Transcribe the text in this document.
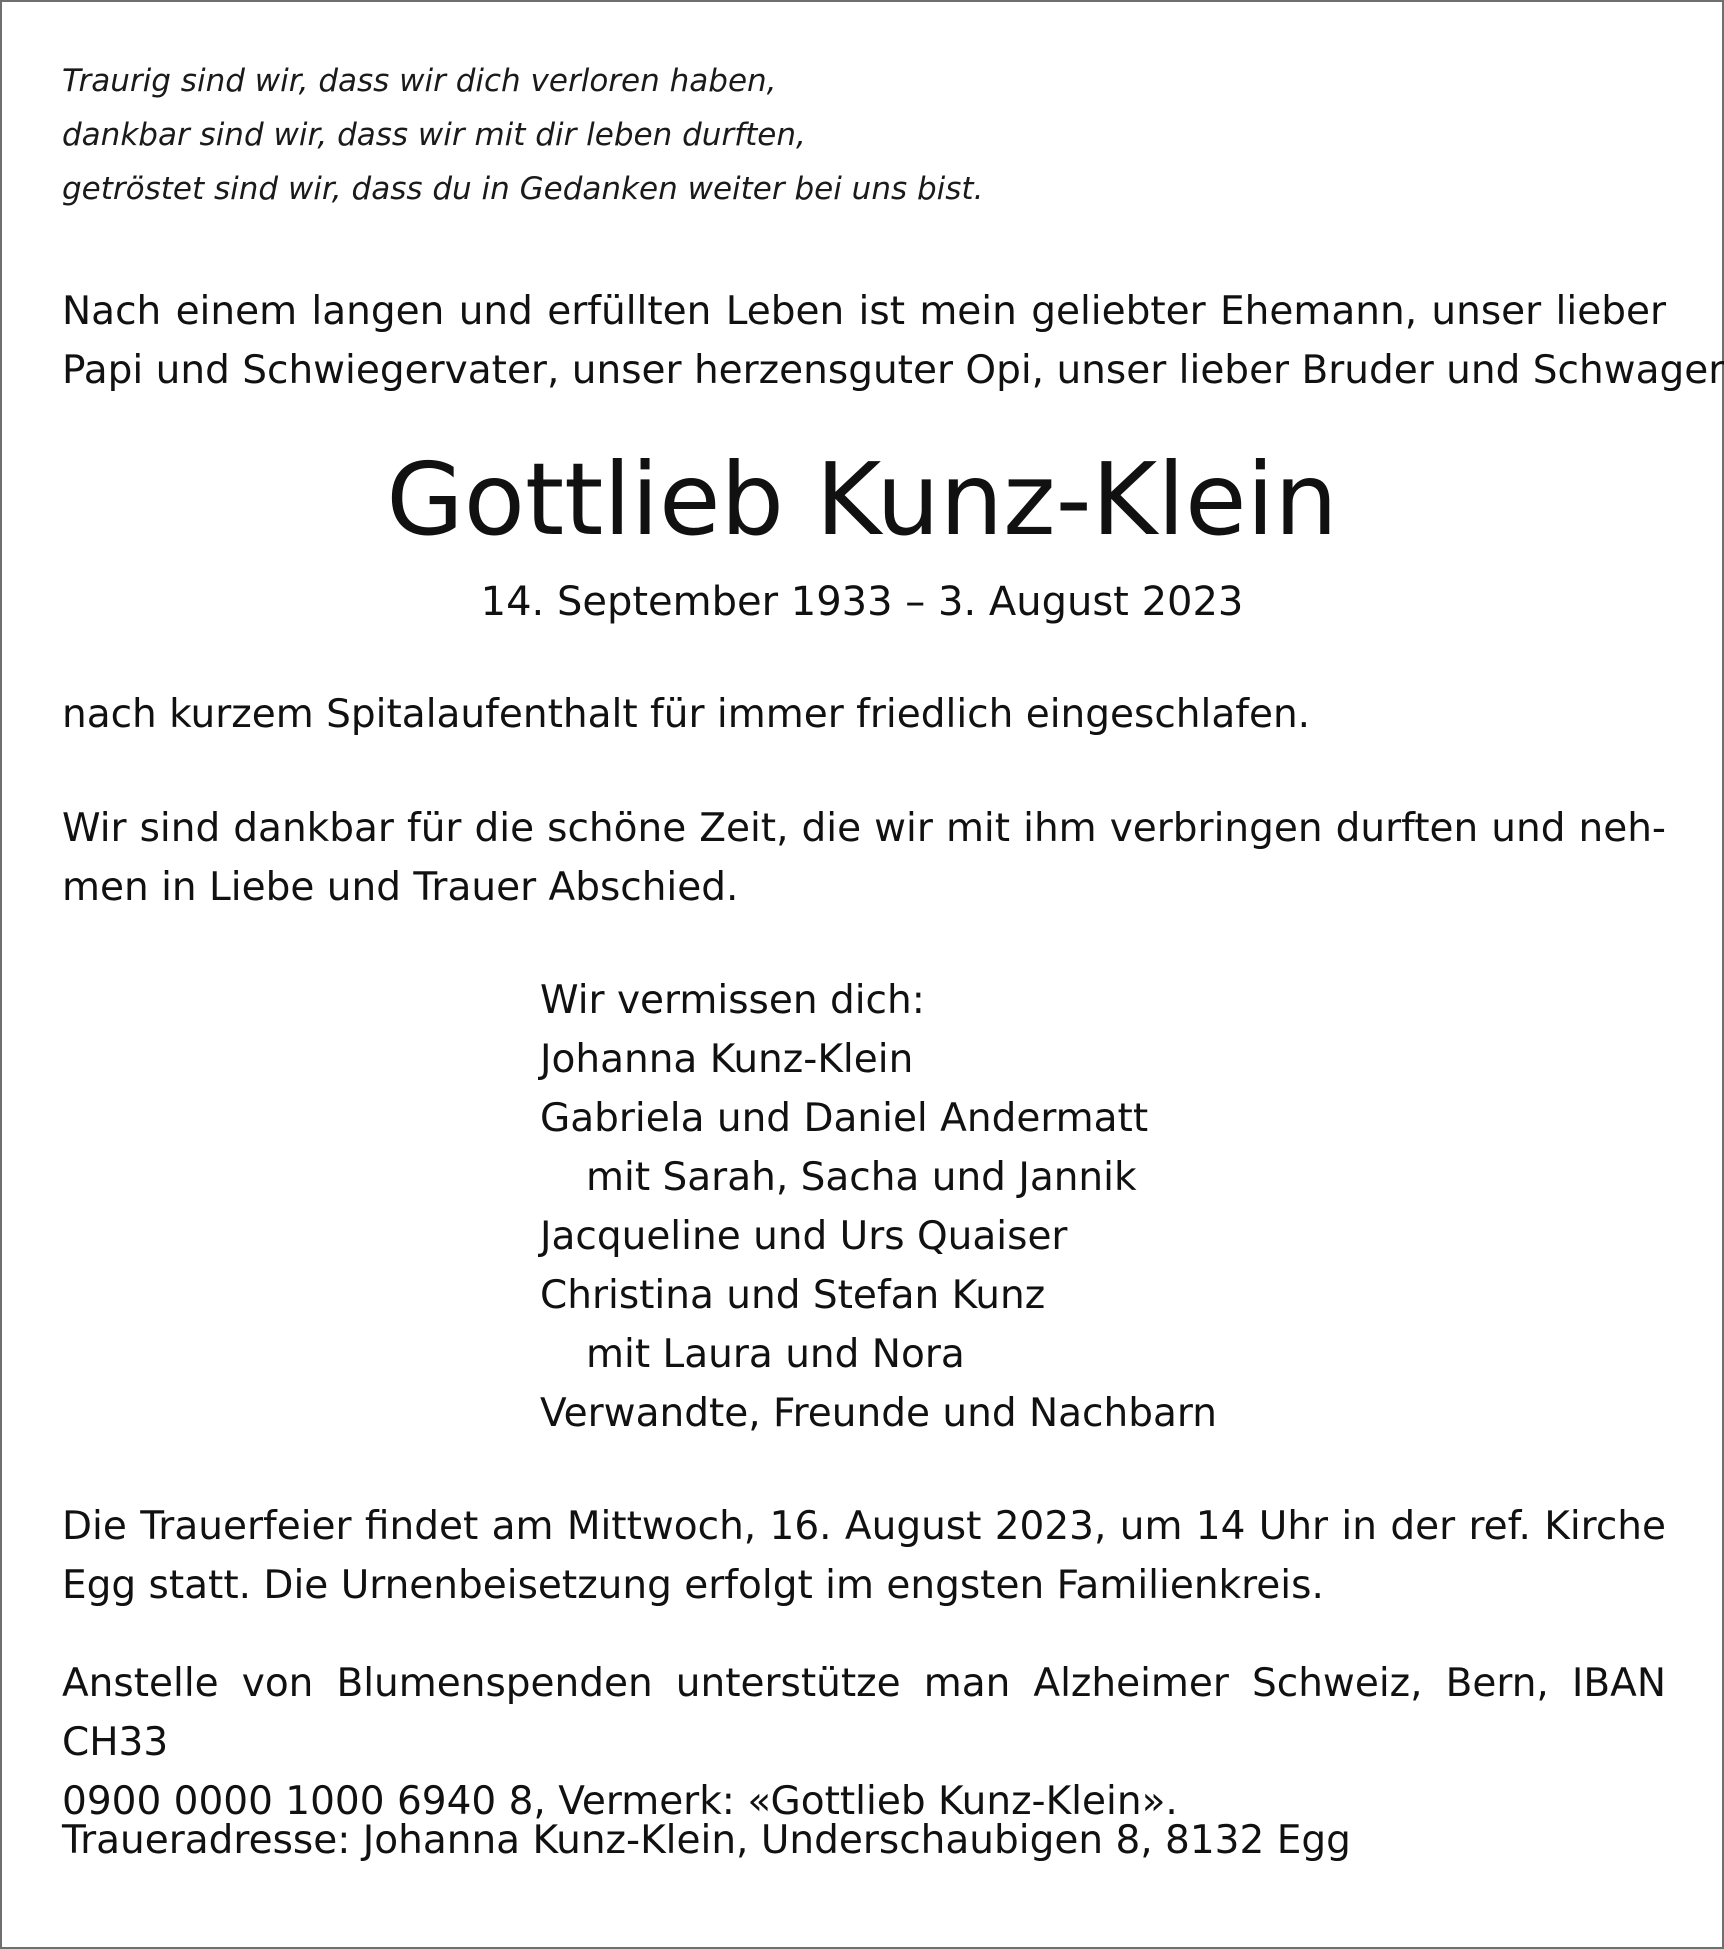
Traurig sind wir, dass wir dich verloren haben,
dankbar sind wir, dass wir mit dir leben durften,
getröstet sind wir, dass du in Gedanken weiter bei uns bist.
Nach einem langen und erfüllten Leben ist mein geliebter Ehemann, unser lieber
Papi und Schwiegervater, unser herzensguter Opi, unser lieber Bruder und Schwager
Gottlieb Kunz-Klein
14. September 1933 – 3. August 2023
nach kurzem Spitalaufenthalt für immer friedlich eingeschlafen.
Wir sind dankbar für die schöne Zeit, die wir mit ihm verbringen durften und neh-
men in Liebe und Trauer Abschied.
Wir vermissen dich:
Johanna Kunz-Klein
Gabriela und Daniel Andermatt
mit Sarah, Sacha und Jannik
Jacqueline und Urs Quaiser
Christina und Stefan Kunz
mit Laura und Nora
Verwandte, Freunde und Nachbarn
Die Trauerfeier findet am Mittwoch, 16. August 2023, um 14 Uhr in der ref. Kirche
Egg statt. Die Urnenbeisetzung erfolgt im engsten Familienkreis.
Anstelle von Blumenspenden unterstütze man Alzheimer Schweiz, Bern, IBAN CH33
0900 0000 1000 6940 8, Vermerk: «Gottlieb Kunz-Klein».
Traueradresse: Johanna Kunz-Klein, Underschaubigen 8, 8132 Egg
